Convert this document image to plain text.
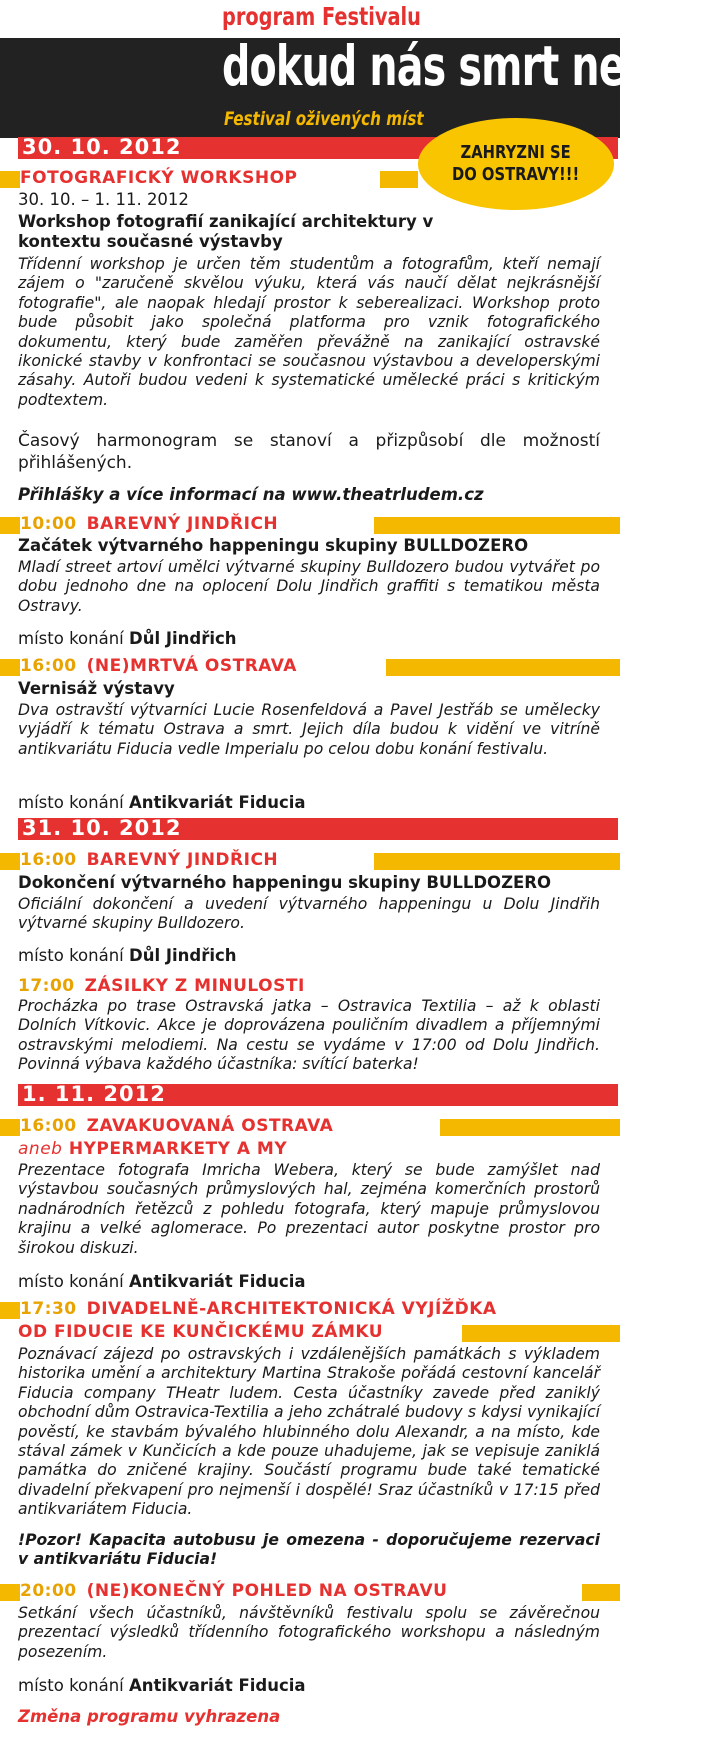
program Festivalu
dokud nás smrt nespojí
Festival oživených míst
30. 10. 2012	ZAHRYZNI SE
DO OSTRAVY!!!
FOTOGRAFICKÝ WORKSHOP
30. 10. – 1. 11. 2012
Workshop fotografií zanikající architektury v kontextu současné výstavby
Třídenní workshop je určen těm studentům a fotografům, kteří nemají zájem o "zaručeně skvělou výuku, která vás naučí dělat nejkrásnější fotografie", ale naopak hledají prostor k seberealizaci. Workshop proto bude působit jako společná platforma pro vznik fotografického dokumentu, který bude zaměřen převážně na zanikající ostravské ikonické stavby v konfrontaci se současnou výstavbou a developerskými zásahy. Autoři budou vedeni k systematické umělecké práci s kritickým podtextem.
Časový harmonogram se stanoví a přizpůsobí dle možností přihlášených.
Přihlášky a více informací na www.theatrludem.cz
10:00 BAREVNÝ JINDŘICH
Začátek výtvarného happeningu skupiny BULLDOZERO
Mladí street artoví umělci výtvarné skupiny Bulldozero budou vytvářet po dobu jednoho dne na oplocení Dolu Jindřich graffiti s tematikou města Ostravy.
místo konání Důl Jindřich
16:00 (NE)MRTVÁ OSTRAVA
Vernisáž výstavy
Dva ostravští výtvarníci Lucie Rosenfeldová a Pavel Jestřáb se umělecky vyjádří k tématu Ostrava a smrt. Jejich díla budou k vidění ve vitríně antikvariátu Fiducia vedle Imperialu po celou dobu konání festivalu.
místo konání Antikvariát Fiducia
31. 10. 2012
16:00 BAREVNÝ JINDŘICH
Dokončení výtvarného happeningu skupiny BULLDOZERO
Oficiální dokončení a uvedení výtvarného happeningu u Dolu Jindřih výtvarné skupiny Bulldozero.
místo konání Důl Jindřich
17:00 ZÁSILKY Z MINULOSTI
Procházka po trase Ostravská jatka – Ostravica Textilia – až k oblasti Dolních Vítkovic. Akce je doprovázena pouličním divadlem a příjemnými ostravskými melodiemi. Na cestu se vydáme v 17:00 od Dolu Jindřich. Povinná výbava každého účastníka: svítící baterka!
1. 11. 2012
16:00 ZAVAKUOVANÁ OSTRAVA
aneb HYPERMARKETY A MY
Prezentace fotografa Imricha Webera, který se bude zamýšlet nad výstavbou současných průmyslových hal, zejména komerčních prostorů nadnárodních řetězců z pohledu fotografa, který mapuje průmyslovou krajinu a velké aglomerace. Po prezentaci autor poskytne prostor pro širokou diskuzi.
místo konání Antikvariát Fiducia
17:30 DIVADELNĚ-ARCHITEKTONICKÁ VYJÍŽĎKA
OD FIDUCIE KE KUNČICKÉMU ZÁMKU
Poznávací zájezd po ostravských i vzdálenějších památkách s výkladem historika umění a architektury Martina Strakoše pořádá cestovní kancelář Fiducia company THeatr ludem. Cesta účastníky zavede před zaniklý obchodní dům Ostravica-Textilia a jeho zchátralé budovy s kdysi vynikající pověstí, ke stavbám bývalého hlubinného dolu Alexandr, a na místo, kde stával zámek v Kunčicích a kde pouze uhadujeme, jak se vepisuje zaniklá památka do zničené krajiny. Součástí programu bude také tematické divadelní překvapení pro nejmenší i dospělé! Sraz účastníků v 17:15 před antikvariátem Fiducia.
!Pozor! Kapacita autobusu je omezena - doporučujeme rezervaci v antikvariátu Fiducia!
20:00 (NE)KONEČNÝ POHLED NA OSTRAVU
Setkání všech účastníků, návštěvníků festivalu spolu se závěrečnou prezentací výsledků třídenního fotografického workshopu a následným posezením.
místo konání Antikvariát Fiducia
Změna programu vyhrazena
